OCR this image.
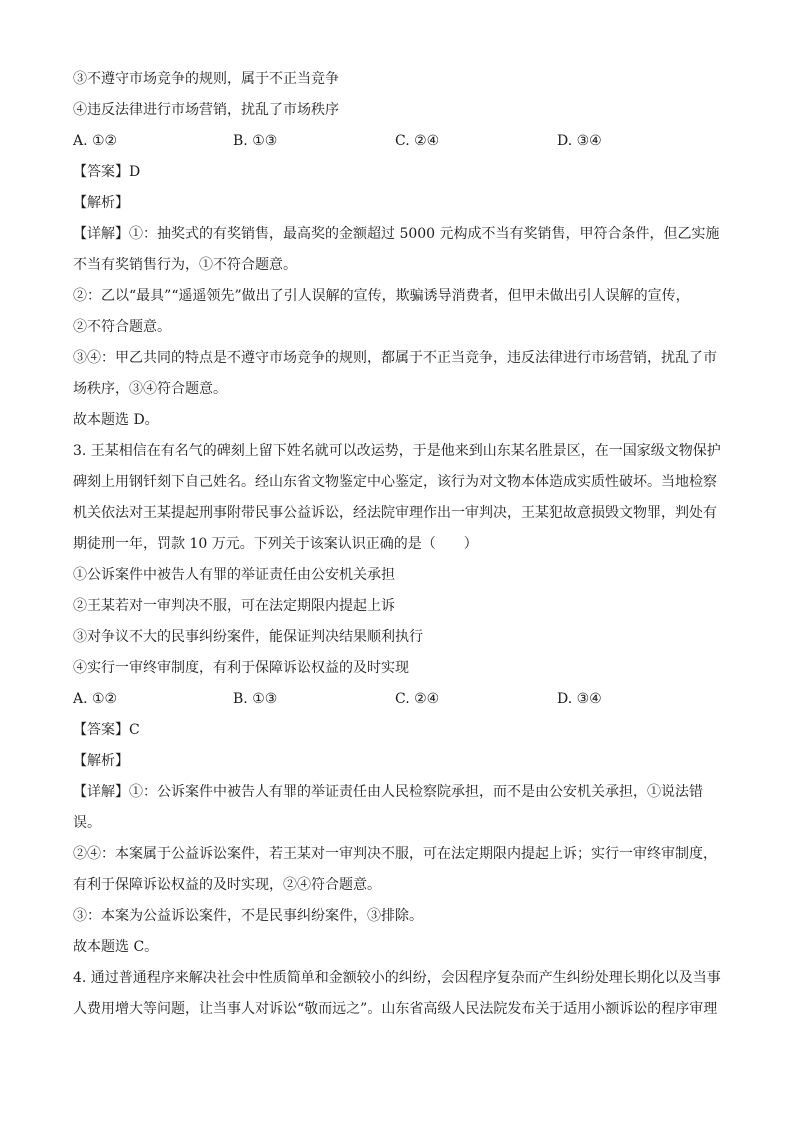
③不遵守市场竞争的规则，属于不正当竞争
④违反法律进行市场营销，扰乱了市场秩序
A. ①②	B. ①③	C. ②④	D. ③④
【答案】D
【解析】
【详解】①：抽奖式的有奖销售，最高奖的金额超过 5000 元构成不当有奖销售，甲符合条件，但乙实施
不当有奖销售行为，①不符合题意。
②：乙以“最具”“遥遥领先”做出了引人误解的宣传，欺骗诱导消费者，但甲未做出引人误解的宣传，
②不符合题意。
③④：甲乙共同的特点是不遵守市场竞争的规则，都属于不正当竞争，违反法律进行市场营销，扰乱了市
场秩序，③④符合题意。
故本题选 D。
3. 王某相信在有名气的碑刻上留下姓名就可以改运势，于是他来到山东某名胜景区，在一国家级文物保护
碑刻上用钢钎刻下自己姓名。经山东省文物鉴定中心鉴定，该行为对文物本体造成实质性破坏。当地检察
机关依法对王某提起刑事附带民事公益诉讼，经法院审理作出一审判决，王某犯故意损毁文物罪，判处有
期徒刑一年，罚款 10 万元。下列关于该案认识正确的是（　　）
①公诉案件中被告人有罪的举证责任由公安机关承担
②王某若对一审判决不服，可在法定期限内提起上诉
③对争议不大的民事纠纷案件，能保证判决结果顺利执行
④实行一审终审制度，有利于保障诉讼权益的及时实现
A. ①②	B. ①③	C. ②④	D. ③④
【答案】C
【解析】
【详解】①：公诉案件中被告人有罪的举证责任由人民检察院承担，而不是由公安机关承担，①说法错
误。
②④：本案属于公益诉讼案件，若王某对一审判决不服，可在法定期限内提起上诉；实行一审终审制度，
有利于保障诉讼权益的及时实现，②④符合题意。
③：本案为公益诉讼案件，不是民事纠纷案件，③排除。
故本题选 C。
4. 通过普通程序来解决社会中性质简单和金额较小的纠纷，会因程序复杂而产生纠纷处理长期化以及当事
人费用增大等问题，让当事人对诉讼“敬而远之”。山东省高级人民法院发布关于适用小额诉讼的程序审理
